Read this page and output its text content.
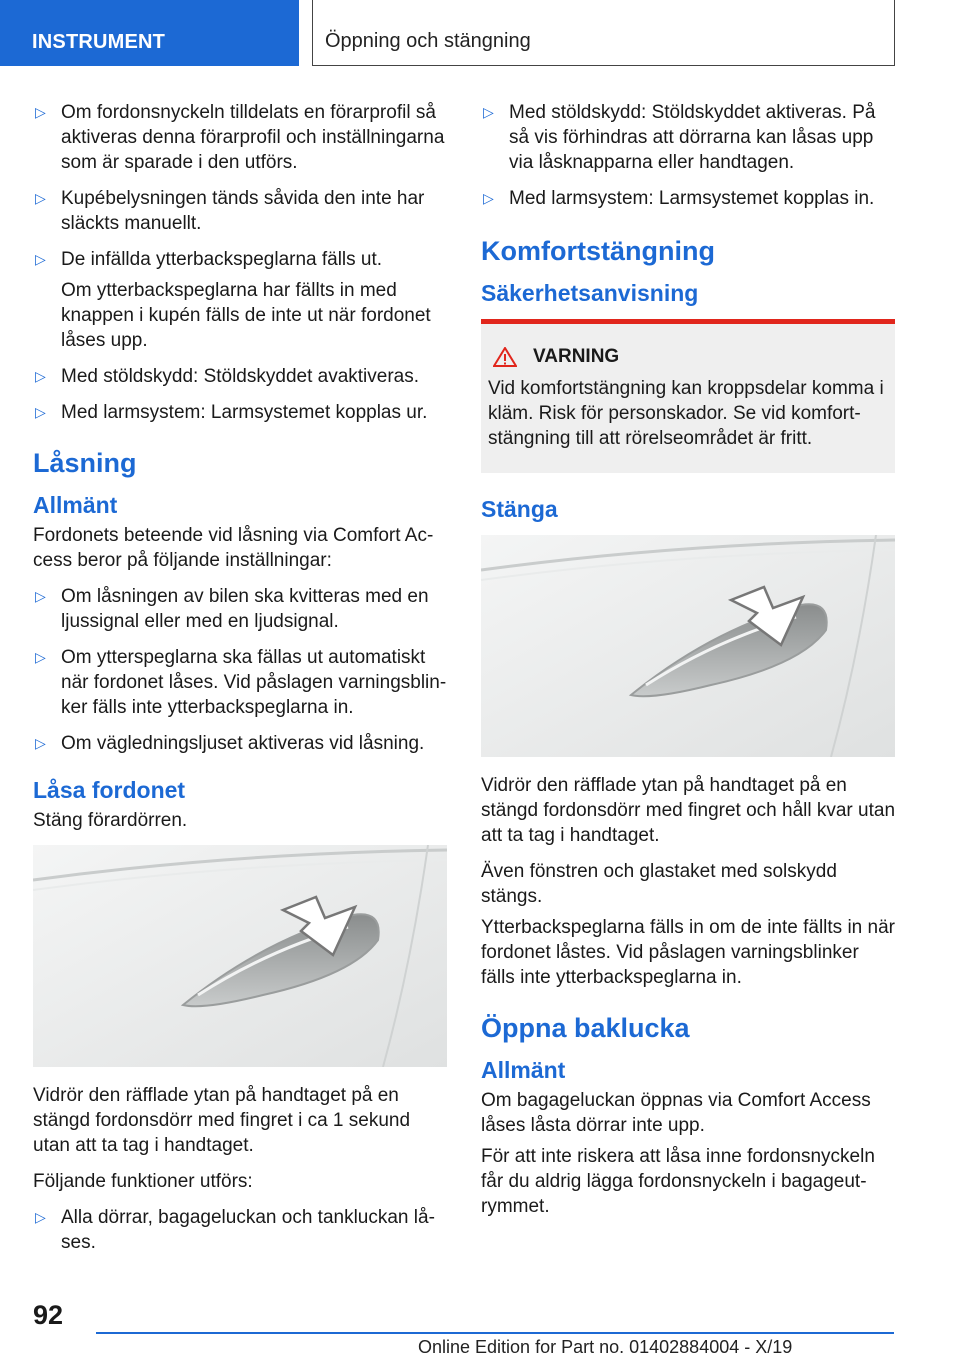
INSTRUMENT	Öppning och stängning
▷ Om fordonsnyckeln tilldelats en förarprofil så aktiveras denna förarprofil och inställningarna som är sparade i den utförs.
▷ Kupébelysningen tänds såvida den inte har släckts manuellt.
▷ De infällda ytterbackspeglarna fälls ut.
Om ytterbackspeglarna har fällts in med knappen i kupén fälls de inte ut när fordonet låses upp.
▷ Med stöldskydd: Stöldskyddet avaktiveras.
▷ Med larmsystem: Larmsystemet kopplas ur.
Låsning
Allmänt
Fordonets beteende vid låsning via Comfort Access beror på följande inställningar:
▷ Om låsningen av bilen ska kvitteras med en ljussignal eller med en ljudsignal.
▷ Om ytterspeglarna ska fällas ut automatiskt när fordonet låses. Vid påslagen varningsblinker fälls inte ytterbackspeglarna in.
▷ Om vägledningsljuset aktiveras vid låsning.
Låsa fordonet
Stäng förardörren.
Vidrör den räfflade ytan på handtaget på en stängd fordonsdörr med fingret i ca 1 sekund utan att ta tag i handtaget.
Följande funktioner utförs:
▷ Alla dörrar, bagageluckan och tankluckan låses.
▷ Med stöldskydd: Stöldskyddet aktiveras. På så vis förhindras att dörrarna kan låsas upp via låsknapparna eller handtagen.
▷ Med larmsystem: Larmsystemet kopplas in.
Komfortstängning
Säkerhetsanvisning
VARNING
Vid komfortstängning kan kroppsdelar komma i kläm. Risk för personskador. Se vid komfortstängning till att rörelseområdet är fritt.
Stänga
Vidrör den räfflade ytan på handtaget på en stängd fordonsdörr med fingret och håll kvar utan att ta tag i handtaget.
Även fönstren och glastaket med solskydd stängs.
Ytterbackspeglarna fälls in om de inte fällts in när fordonet låstes. Vid påslagen varningsblinker fälls inte ytterbackspeglarna in.
Öppna baklucka
Allmänt
Om bagageluckan öppnas via Comfort Access låses låsta dörrar inte upp.
För att inte riskera att låsa inne fordonsnyckeln får du aldrig lägga fordonsnyckeln i bagageutrymmet.
92
Online Edition for Part no. 01402884004 - X/19
